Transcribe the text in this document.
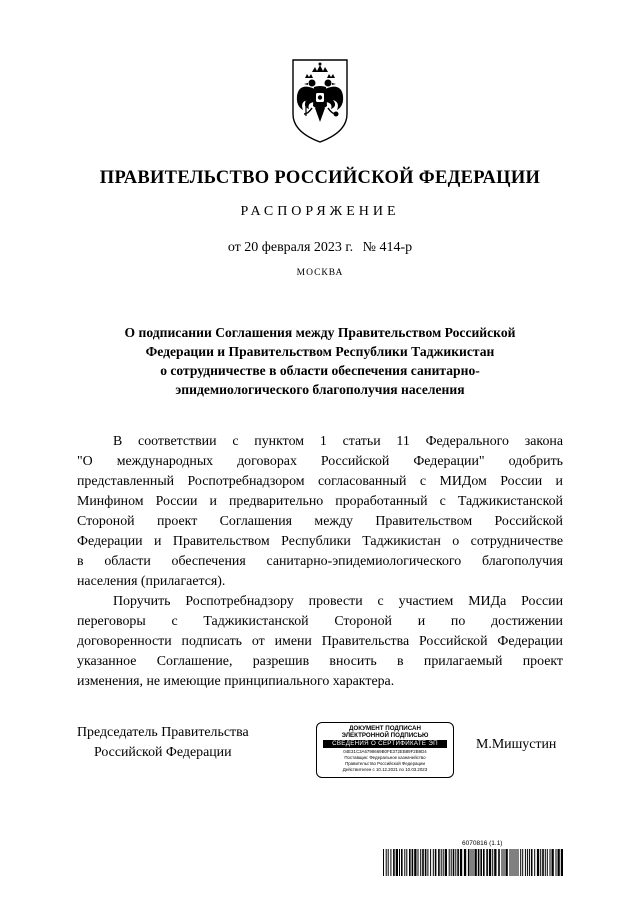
ПРАВИТЕЛЬСТВО РОССИЙСКОЙ ФЕДЕРАЦИИ
РАСПОРЯЖЕНИЕ
от 20 февраля 2023 г. № 414-р
МОСКВА
О подписании Соглашения между Правительством Российской
Федерации и Правительством Республики Таджикистан
о сотрудничестве в области обеспечения санитарно-
эпидемиологического благополучия населения
В соответствии с пунктом 1 статьи 11 Федерального закона
"О международных договорах Российской Федерации" одобрить
представленный Роспотребнадзором согласованный с МИДом России и
Минфином России и предварительно проработанный с Таджикистанской
Стороной проект Соглашения между Правительством Российской
Федерации и Правительством Республики Таджикистан о сотрудничестве
в области обеспечения санитарно-эпидемиологического благополучия
населения (прилагается).
Поручить Роспотребнадзору провести с участием МИДа России
переговоры с Таджикистанской Стороной и по достижении
договоренности подписать от имени Правительства Российской Федерации
указанное Соглашение, разрешив вносить в прилагаемый проект
изменения, не имеющие принципиального характера.
Председатель Правительства
Российской Федерации
ДОКУМЕНТ ПОДПИСАН
ЭЛЕКТРОННОЙ ПОДПИСЬЮ
СВЕДЕНИЯ О СЕРТИФИКАТЕ ЭП
04E31C3A6798669B0FE372EB89F2B9D4
Поставщик: Федеральное казначейство
Правительство Российской Федерации
Действителен с 10.12.2021 по 10.03.2023
М.Мишустин
6070816 (1.1)
